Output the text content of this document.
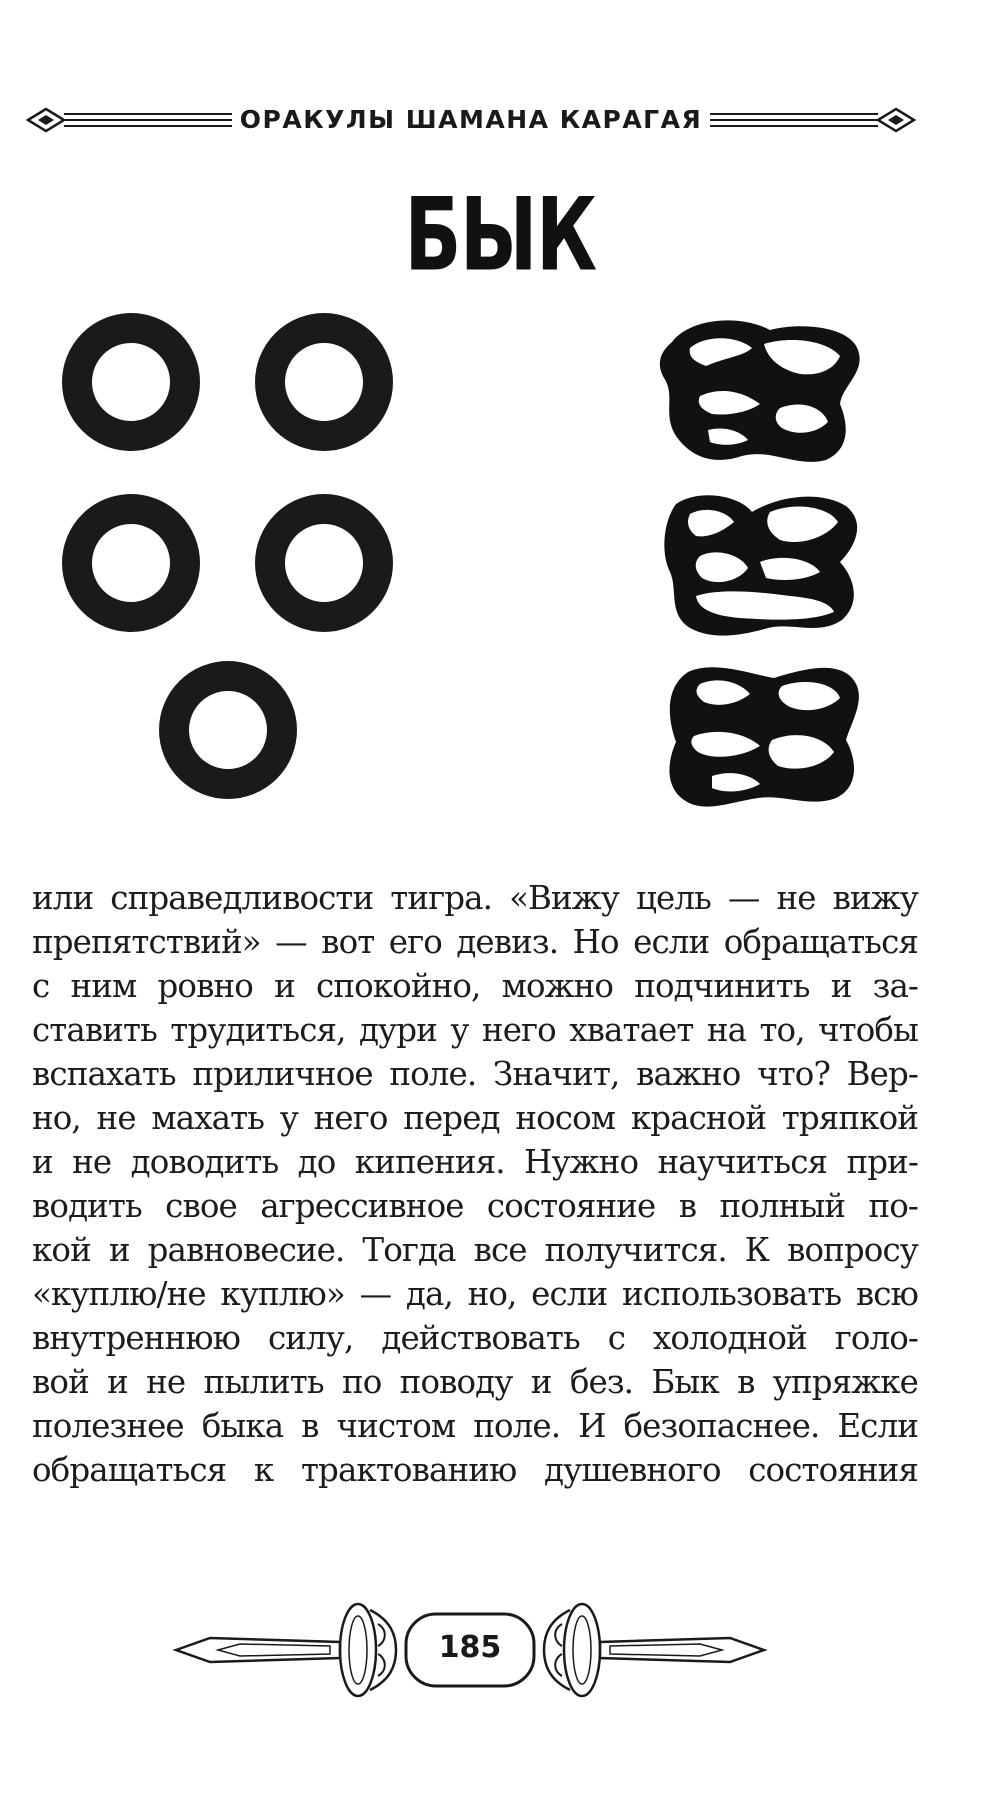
ОРАКУЛЫ ШАМАНА КАРАГАЯ
БЫК
или справедливости тигра. «Вижу цель — не вижу
препятствий» — вот его девиз. Но если обращаться
с ним ровно и спокойно, можно подчинить и за-
ставить трудиться, дури у него хватает на то, чтобы
вспахать приличное поле. Значит, важно что? Вер-
но, не махать у него перед носом красной тряпкой
и не доводить до кипения. Нужно научиться при-
водить свое агрессивное состояние в полный по-
кой и равновесие. Тогда все получится. К вопросу
«куплю/не куплю» — да, но, если использовать всю
внутреннюю силу, действовать с холодной голо-
вой и не пылить по поводу и без. Бык в упряжке
полезнее быка в чистом поле. И безопаснее. Если
обращаться к трактованию душевного состояния
185
